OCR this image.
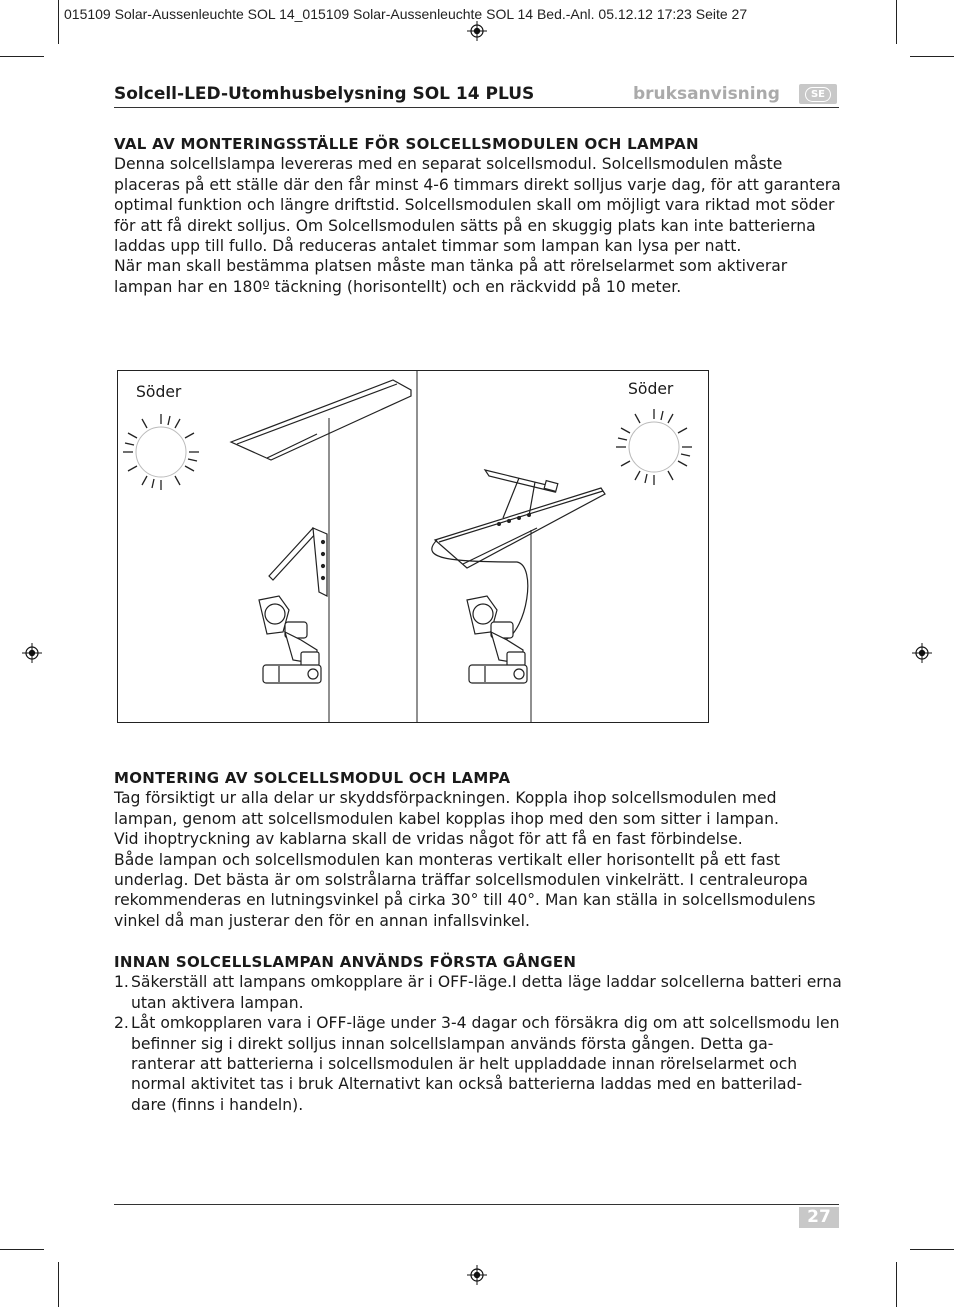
015109 Solar-Aussenleuchte SOL 14_015109 Solar-Aussenleuchte SOL 14 Bed.-Anl. 05.12.12 17:23 Seite 27
Solcell-LED-Utomhusbelysning SOL 14 PLUS	bruksanvisning	SE
VAL AV MONTERINGSSTÄLLE FÖR SOLCELLSMODULEN OCH LAMPAN

Denna solcellslampa levereras med en separat solcellsmodul. Solcellsmodulen måste placeras på ett ställe där den får minst 4-6 timmars direkt solljus varje dag, för att garantera optimal funktion och längre driftstid. Solcellsmodulen skall om möjligt vara riktad mot söder för att få direkt solljus. Om Solcellsmodulen sätts på en skuggig plats kan inte batterierna laddas upp till fullo. Då reduceras antalet timmar som lampan kan lysa per natt.

När man skall bestämma platsen måste man tänka på att rörelselarmet som aktiverar lampan har en 180º täckning (horisontellt) och en räckvidd på 10 meter.

Söder	Söder
MONTERING AV SOLCELLSMODUL OCH LAMPA

Tag försiktigt ur alla delar ur skyddsförpackningen. Koppla ihop solcellsmodulen med lampan, genom att solcellsmodulen kabel kopplas ihop med den som sitter i lampan.

Vid ihoptryckning av kablarna skall de vridas något för att få en fast förbindelse.

Både lampan och solcellsmodulen kan monteras vertikalt eller horisontellt på ett fast underlag. Det bästa är om solstrålarna träffar solcellsmodulen vinkelrätt. I centraleuropa rekommenderas en lutningsvinkel på cirka 30° till 40°. Man kan ställa in solcellsmodulens vinkel då man justerar den för en annan infallsvinkel.

INNAN SOLCELLSLAMPAN ANVÄNDS FÖRSTA GÅNGEN
1. Säkerställ att lampans omkopplare är i OFF-läge.I detta läge laddar solcellerna batteri erna utan aktivera lampan.
2. Låt omkopplaren vara i OFF-läge under 3-4 dagar och försäkra dig om att solcellsmodu len befinner sig i direkt solljus innan solcellslampan används första gången. Detta ga- ranterar att batterierna i solcellsmodulen är helt uppladdade innan rörelselarmet och normal aktivitet tas i bruk Alternativt kan också batterierna laddas med en batterilad- dare (finns i handeln).
27
